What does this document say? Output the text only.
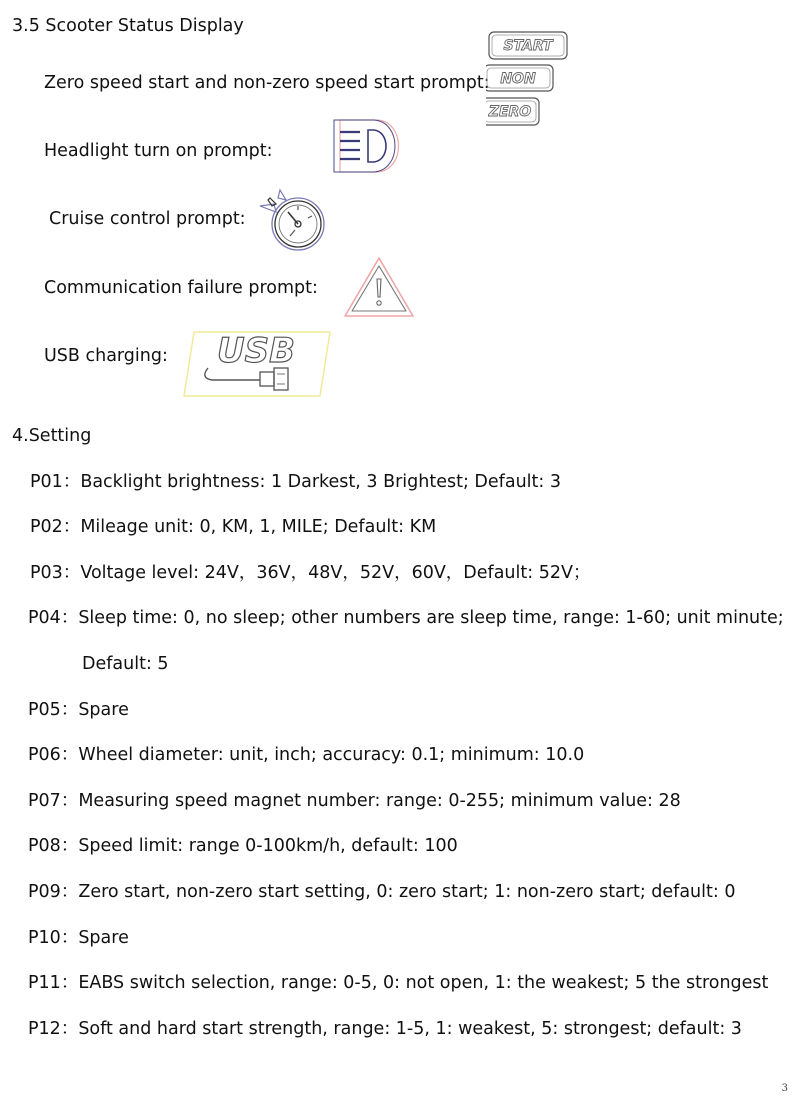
3.5 Scooter Status Display
Zero speed start and non-zero speed start prompt:
START
NON
ZERO
Headlight turn on prompt:
Cruise control prompt:
Communication failure prompt:
USB charging: USB
4.Setting
P01：Backlight brightness: 1 Darkest, 3 Brightest; Default: 3
P02：Mileage unit: 0, KM, 1, MILE; Default: KM
P03：Voltage level: 24V，36V，48V，52V，60V，Default: 52V；
P04：Sleep time: 0, no sleep; other numbers are sleep time, range: 1-60; unit minute;
Default: 5
P05：Spare
P06：Wheel diameter: unit, inch; accuracy: 0.1; minimum: 10.0
P07：Measuring speed magnet number: range: 0-255; minimum value: 28
P08：Speed limit: range 0-100km/h, default: 100
P09：Zero start, non-zero start setting, 0: zero start; 1: non-zero start; default: 0
P10：Spare
P11：EABS switch selection, range: 0-5, 0: not open, 1: the weakest; 5 the strongest
P12：Soft and hard start strength, range: 1-5, 1: weakest, 5: strongest; default: 3
3
